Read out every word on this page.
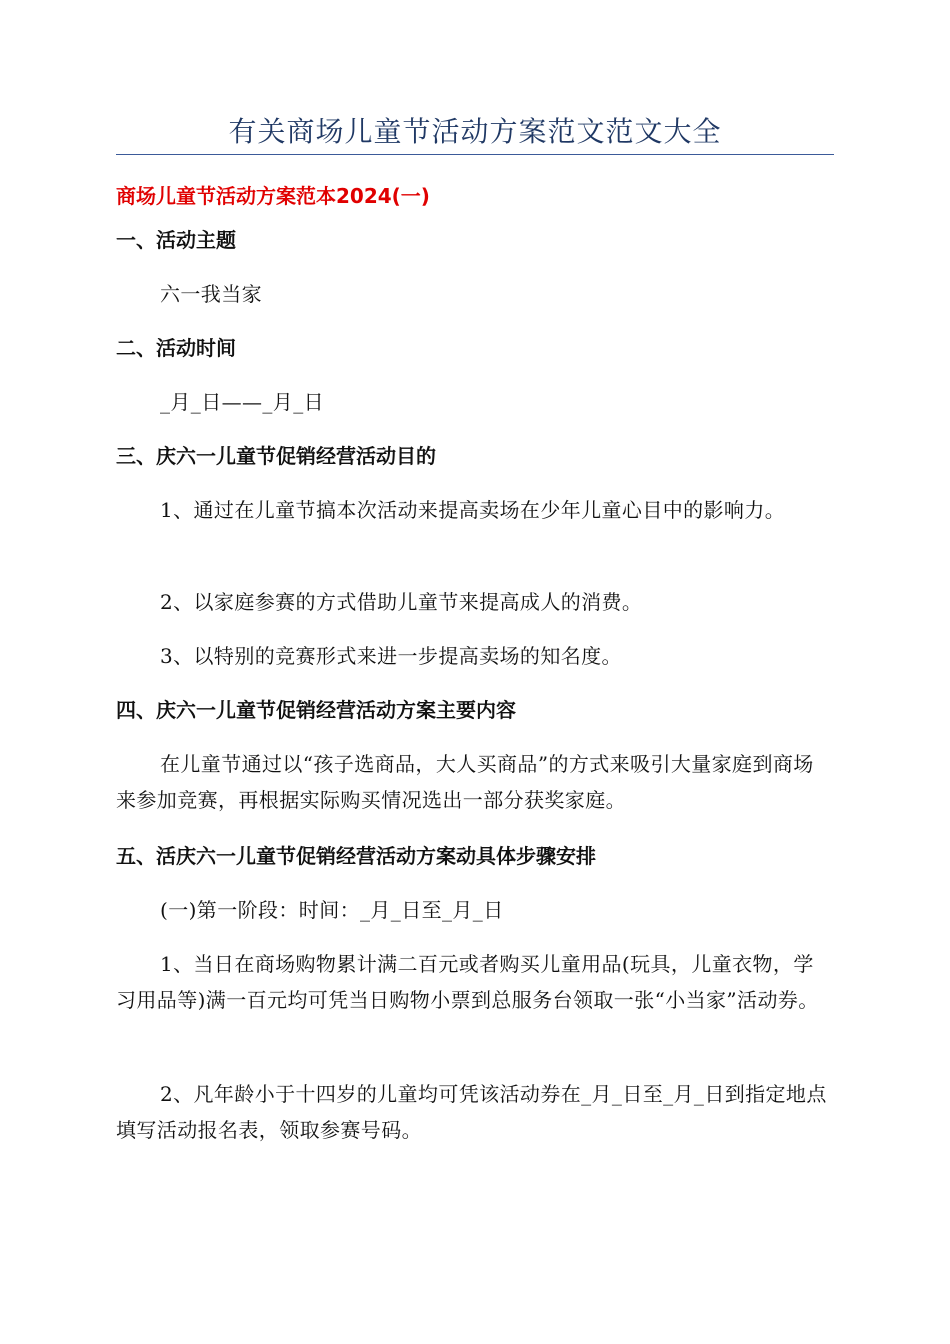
有关商场儿童节活动方案范文范文大全
商场儿童节活动方案范本2024(一)
一、活动主题
六一我当家
二、活动时间
_月_日——_月_日
三、庆六一儿童节促销经营活动目的
1、通过在儿童节搞本次活动来提高卖场在少年儿童心目中的影响力。
2、以家庭参赛的方式借助儿童节来提高成人的消费。
3、以特别的竞赛形式来进一步提高卖场的知名度。
四、庆六一儿童节促销经营活动方案主要内容
在儿童节通过以“孩子选商品，大人买商品”的方式来吸引大量家庭到商场来参加竞赛，再根据实际购买情况选出一部分获奖家庭。
五、活庆六一儿童节促销经营活动方案动具体步骤安排
(一)第一阶段：时间：_月_日至_月_日
1、当日在商场购物累计满二百元或者购买儿童用品(玩具，儿童衣物，学习用品等)满一百元均可凭当日购物小票到总服务台领取一张“小当家”活动券。
2、凡年龄小于十四岁的儿童均可凭该活动券在_月_日至_月_日到指定地点填写活动报名表，领取参赛号码。
